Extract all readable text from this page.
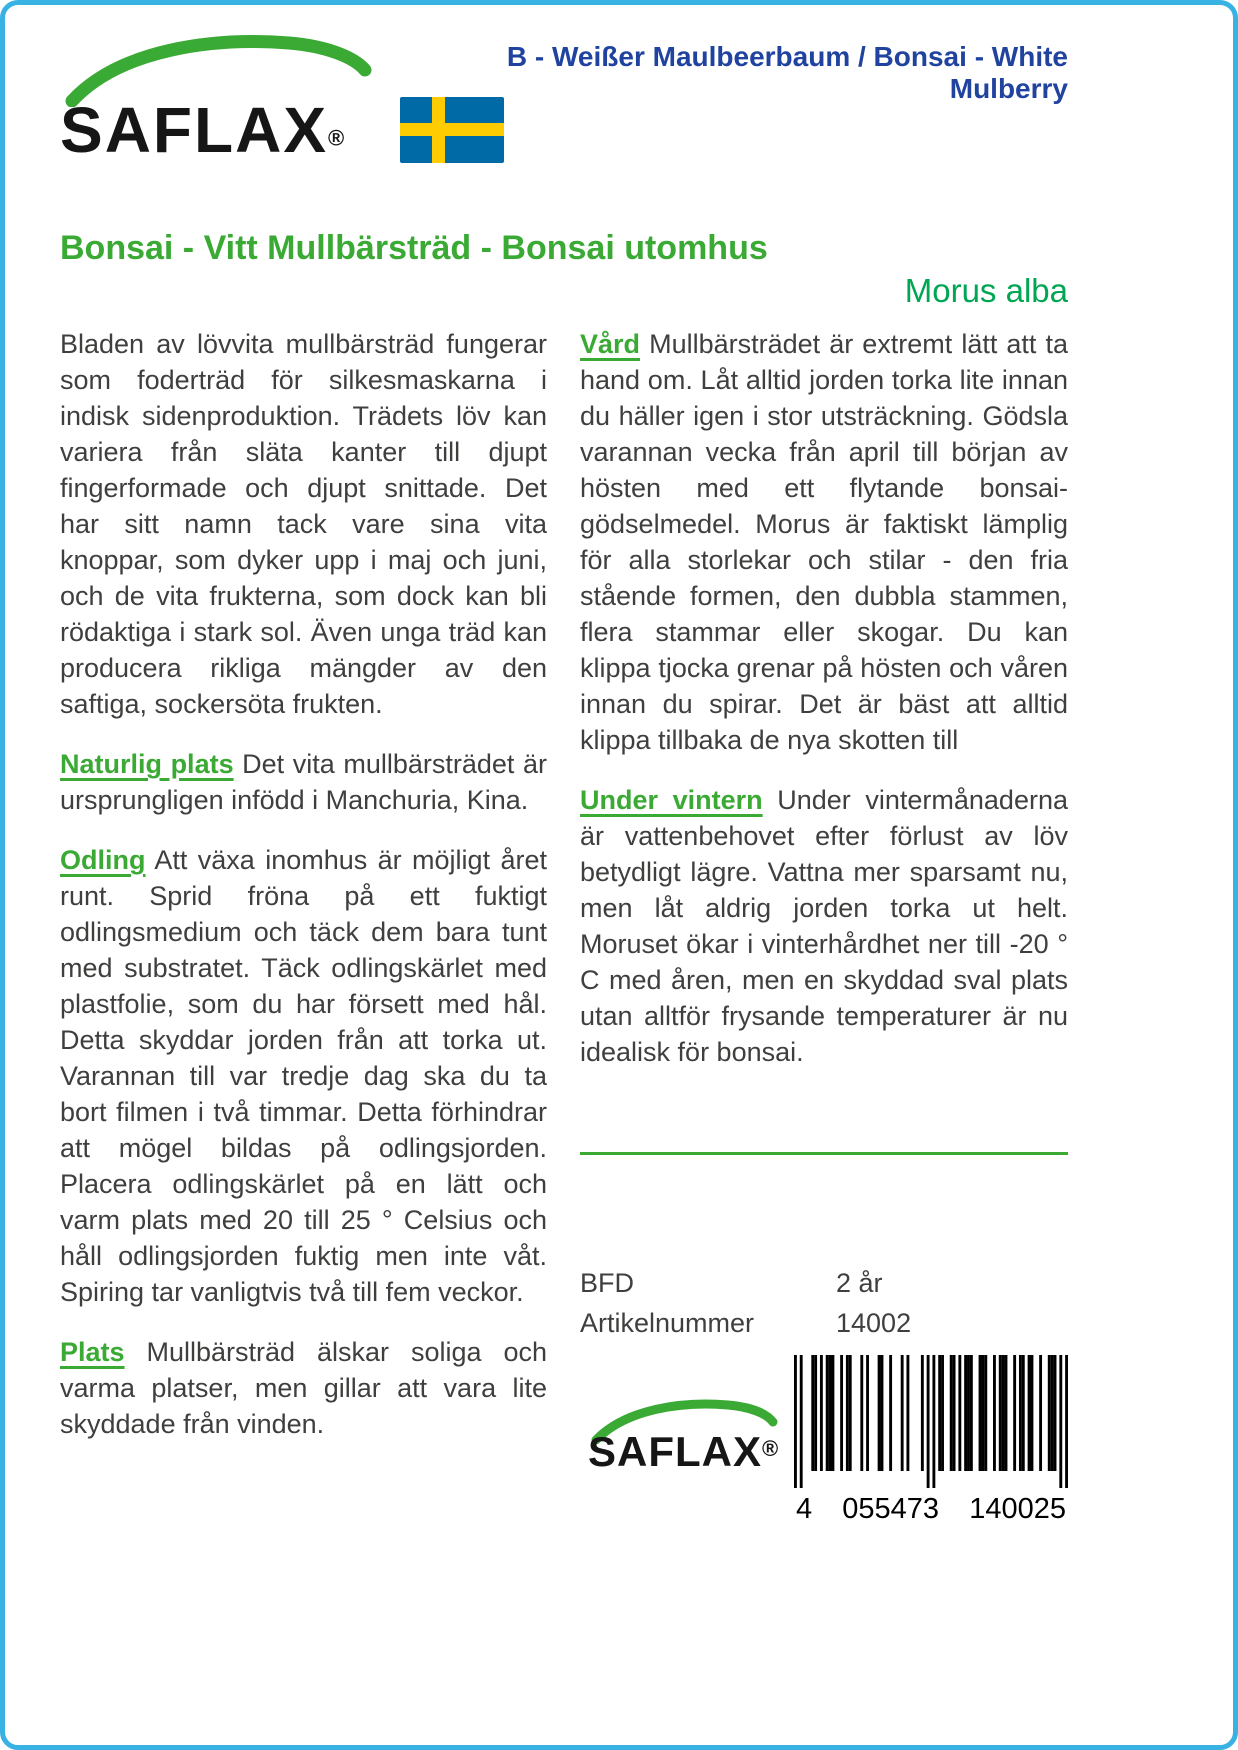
SAFLAX®
B - Weißer Maulbeerbaum / Bonsai - White Mulberry
Bonsai - Vitt Mullbärsträd - Bonsai utomhus
Morus alba

Bladen av lövvita mullbärsträd fungerar som foderträd för silkesmaskarna i indisk sidenproduktion. Trädets löv kan variera från släta kanter till djupt fingerformade och djupt snittade. Det har sitt namn tack vare sina vita knoppar, som dyker upp i maj och juni, och de vita frukterna, som dock kan bli rödaktiga i stark sol. Även unga träd kan producera rikliga mängder av den saftiga, sockersöta frukten.

Naturlig plats Det vita mullbärsträdet är ursprungligen infödd i Manchuria, Kina.

Odling Att växa inomhus är möjligt året runt. Sprid fröna på ett fuktigt odlingsmedium och täck dem bara tunt med substratet. Täck odlingskärlet med plastfolie, som du har försett med hål. Detta skyddar jorden från att torka ut. Varannan till var tredje dag ska du ta bort filmen i två timmar. Detta förhindrar att mögel bildas på odlingsjorden. Placera odlingskärlet på en lätt och varm plats med 20 till 25 ° Celsius och håll odlingsjorden fuktig men inte våt. Spiring tar vanligtvis två till fem veckor.

Plats Mullbärsträd älskar soliga och varma platser, men gillar att vara lite skyddade från vinden.

Vård Mullbärsträdet är extremt lätt att ta hand om. Låt alltid jorden torka lite innan du häller igen i stor utsträckning. Gödsla varannan vecka från april till början av hösten med ett flytande bonsai-gödselmedel. Morus är faktiskt lämplig för alla storlekar och stilar - den fria stående formen, den dubbla stammen, flera stammar eller skogar. Du kan klippa tjocka grenar på hösten och våren innan du spirar. Det är bäst att alltid klippa tillbaka de nya skotten till

Under vintern Under vintermånaderna är vattenbehovet efter förlust av löv betydligt lägre. Vattna mer sparsamt nu, men låt aldrig jorden torka ut helt. Moruset ökar i vinterhårdhet ner till -20 ° C med åren, men en skyddad sval plats utan alltför frysande temperaturer är nu idealisk för bonsai.

BFD	2 år
Artikelnummer	14002
SAFLAX®
4 055473 140025
